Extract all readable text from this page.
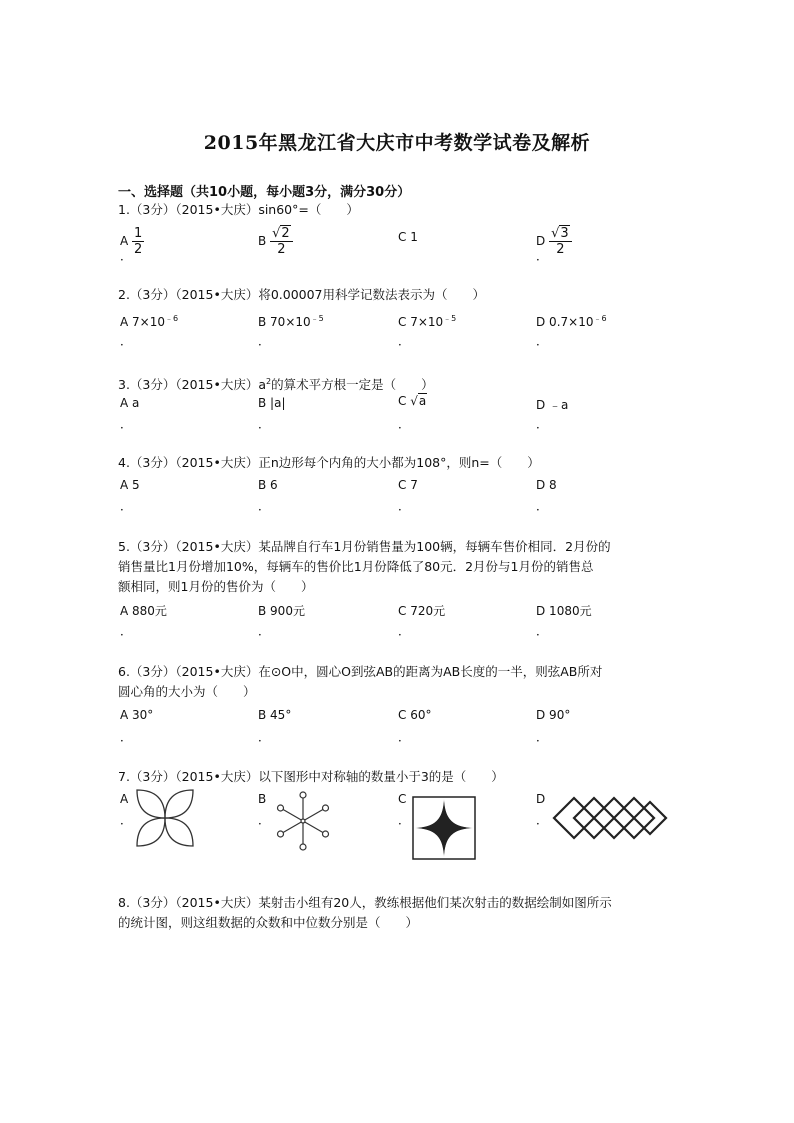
2015年黑龙江省大庆市中考数学试卷及解析
一、选择题（共10小题，每小题3分，满分30分）
1.（3分）（2015•大庆）sin60°=（　　）
A $\frac{1}{2}$	B $\frac{√2}{2}$	C 1	D $\frac{√3}{2}$
．	．
2.（3分）（2015•大庆）将0.00007用科学记数法表示为（　　）
A $7\times 10^{﹣6}$	B $70\times 10^{﹣5}$	C $7\times 10^{﹣5}$	D $0.7\times 10^{﹣6}$
．	．	．	．
3.（3分）（2015•大庆）$a^2$的算术平方根一定是（　　）
A a	B |a|	C √a	D ﹣a
．	．	．	．
4.（3分）（2015•大庆）正n边形每个内角的大小都为108°，则n=（　　）
A 5	B 6	C 7	D 8
．	．	．	．
5.（3分）（2015•大庆）某品牌自行车1月份销售量为100辆，每辆车售价相同．2月份的
销售量比1月份增加10%，每辆车的售价比1月份降低了80元．2月份与1月份的销售总
额相同，则1月份的售价为（　　）
A 880元	B 900元	C 720元	D 1080元
．	．	．	．
6.（3分）（2015•大庆）在⊙O中，圆心O到弦AB的距离为AB长度的一半，则弦AB所对
圆心角的大小为（　　）
A 30°	B 45°	C 60°	D 90°
．	．	．	．
7.（3分）（2015•大庆）以下图形中对称轴的数量小于3的是（　　）
A	B	C	D
．	．	．	．
8.（3分）（2015•大庆）某射击小组有20人，教练根据他们某次射击的数据绘制如图所示
的统计图，则这组数据的众数和中位数分别是（　　）
